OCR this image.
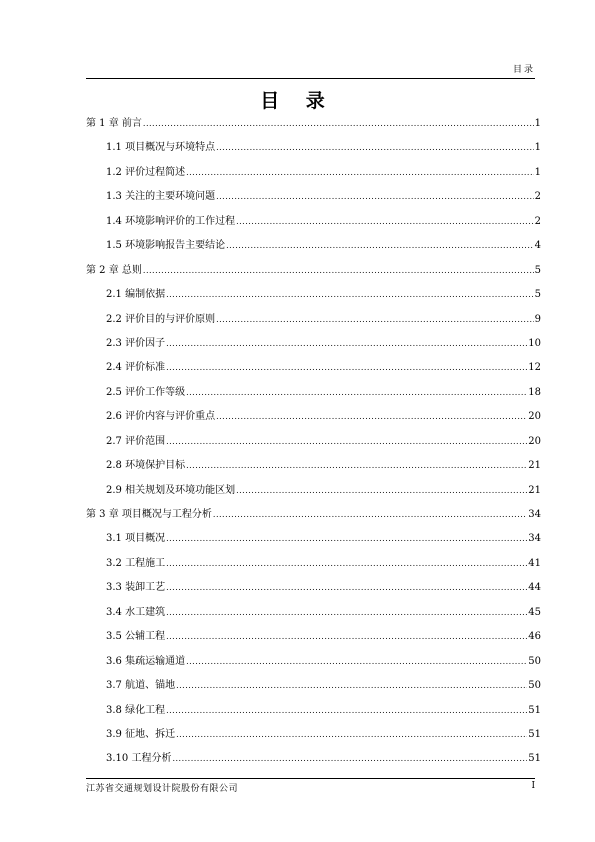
目录
目 录
第 1 章 前言 .....	1
1.1 项目概况与环境特点 .....	1
1.2 评价过程简述 .....	1
1.3 关注的主要环境问题 .....	2
1.4 环境影响评价的工作过程 .....	2
1.5 环境影响报告主要结论 .....	4
第 2 章 总则 .....	5
2.1 编制依据 .....	5
2.2 评价目的与评价原则 .....	9
2.3 评价因子 .....	10
2.4 评价标准 .....	12
2.5 评价工作等级 .....	18
2.6 评价内容与评价重点 .....	20
2.7 评价范围 .....	20
2.8 环境保护目标 .....	21
2.9 相关规划及环境功能区划 .....	21
第 3 章 项目概况与工程分析 .....	34
3.1 项目概况 .....	34
3.2 工程施工 .....	41
3.3 装卸工艺 .....	44
3.4 水工建筑 .....	45
3.5 公辅工程 .....	46
3.6 集疏运输通道 .....	50
3.7 航道、锚地 .....	50
3.8 绿化工程 .....	51
3.9 征地、拆迁 .....	51
3.10 工程分析 .....	51
江苏省交通规划设计院股份有限公司	I
